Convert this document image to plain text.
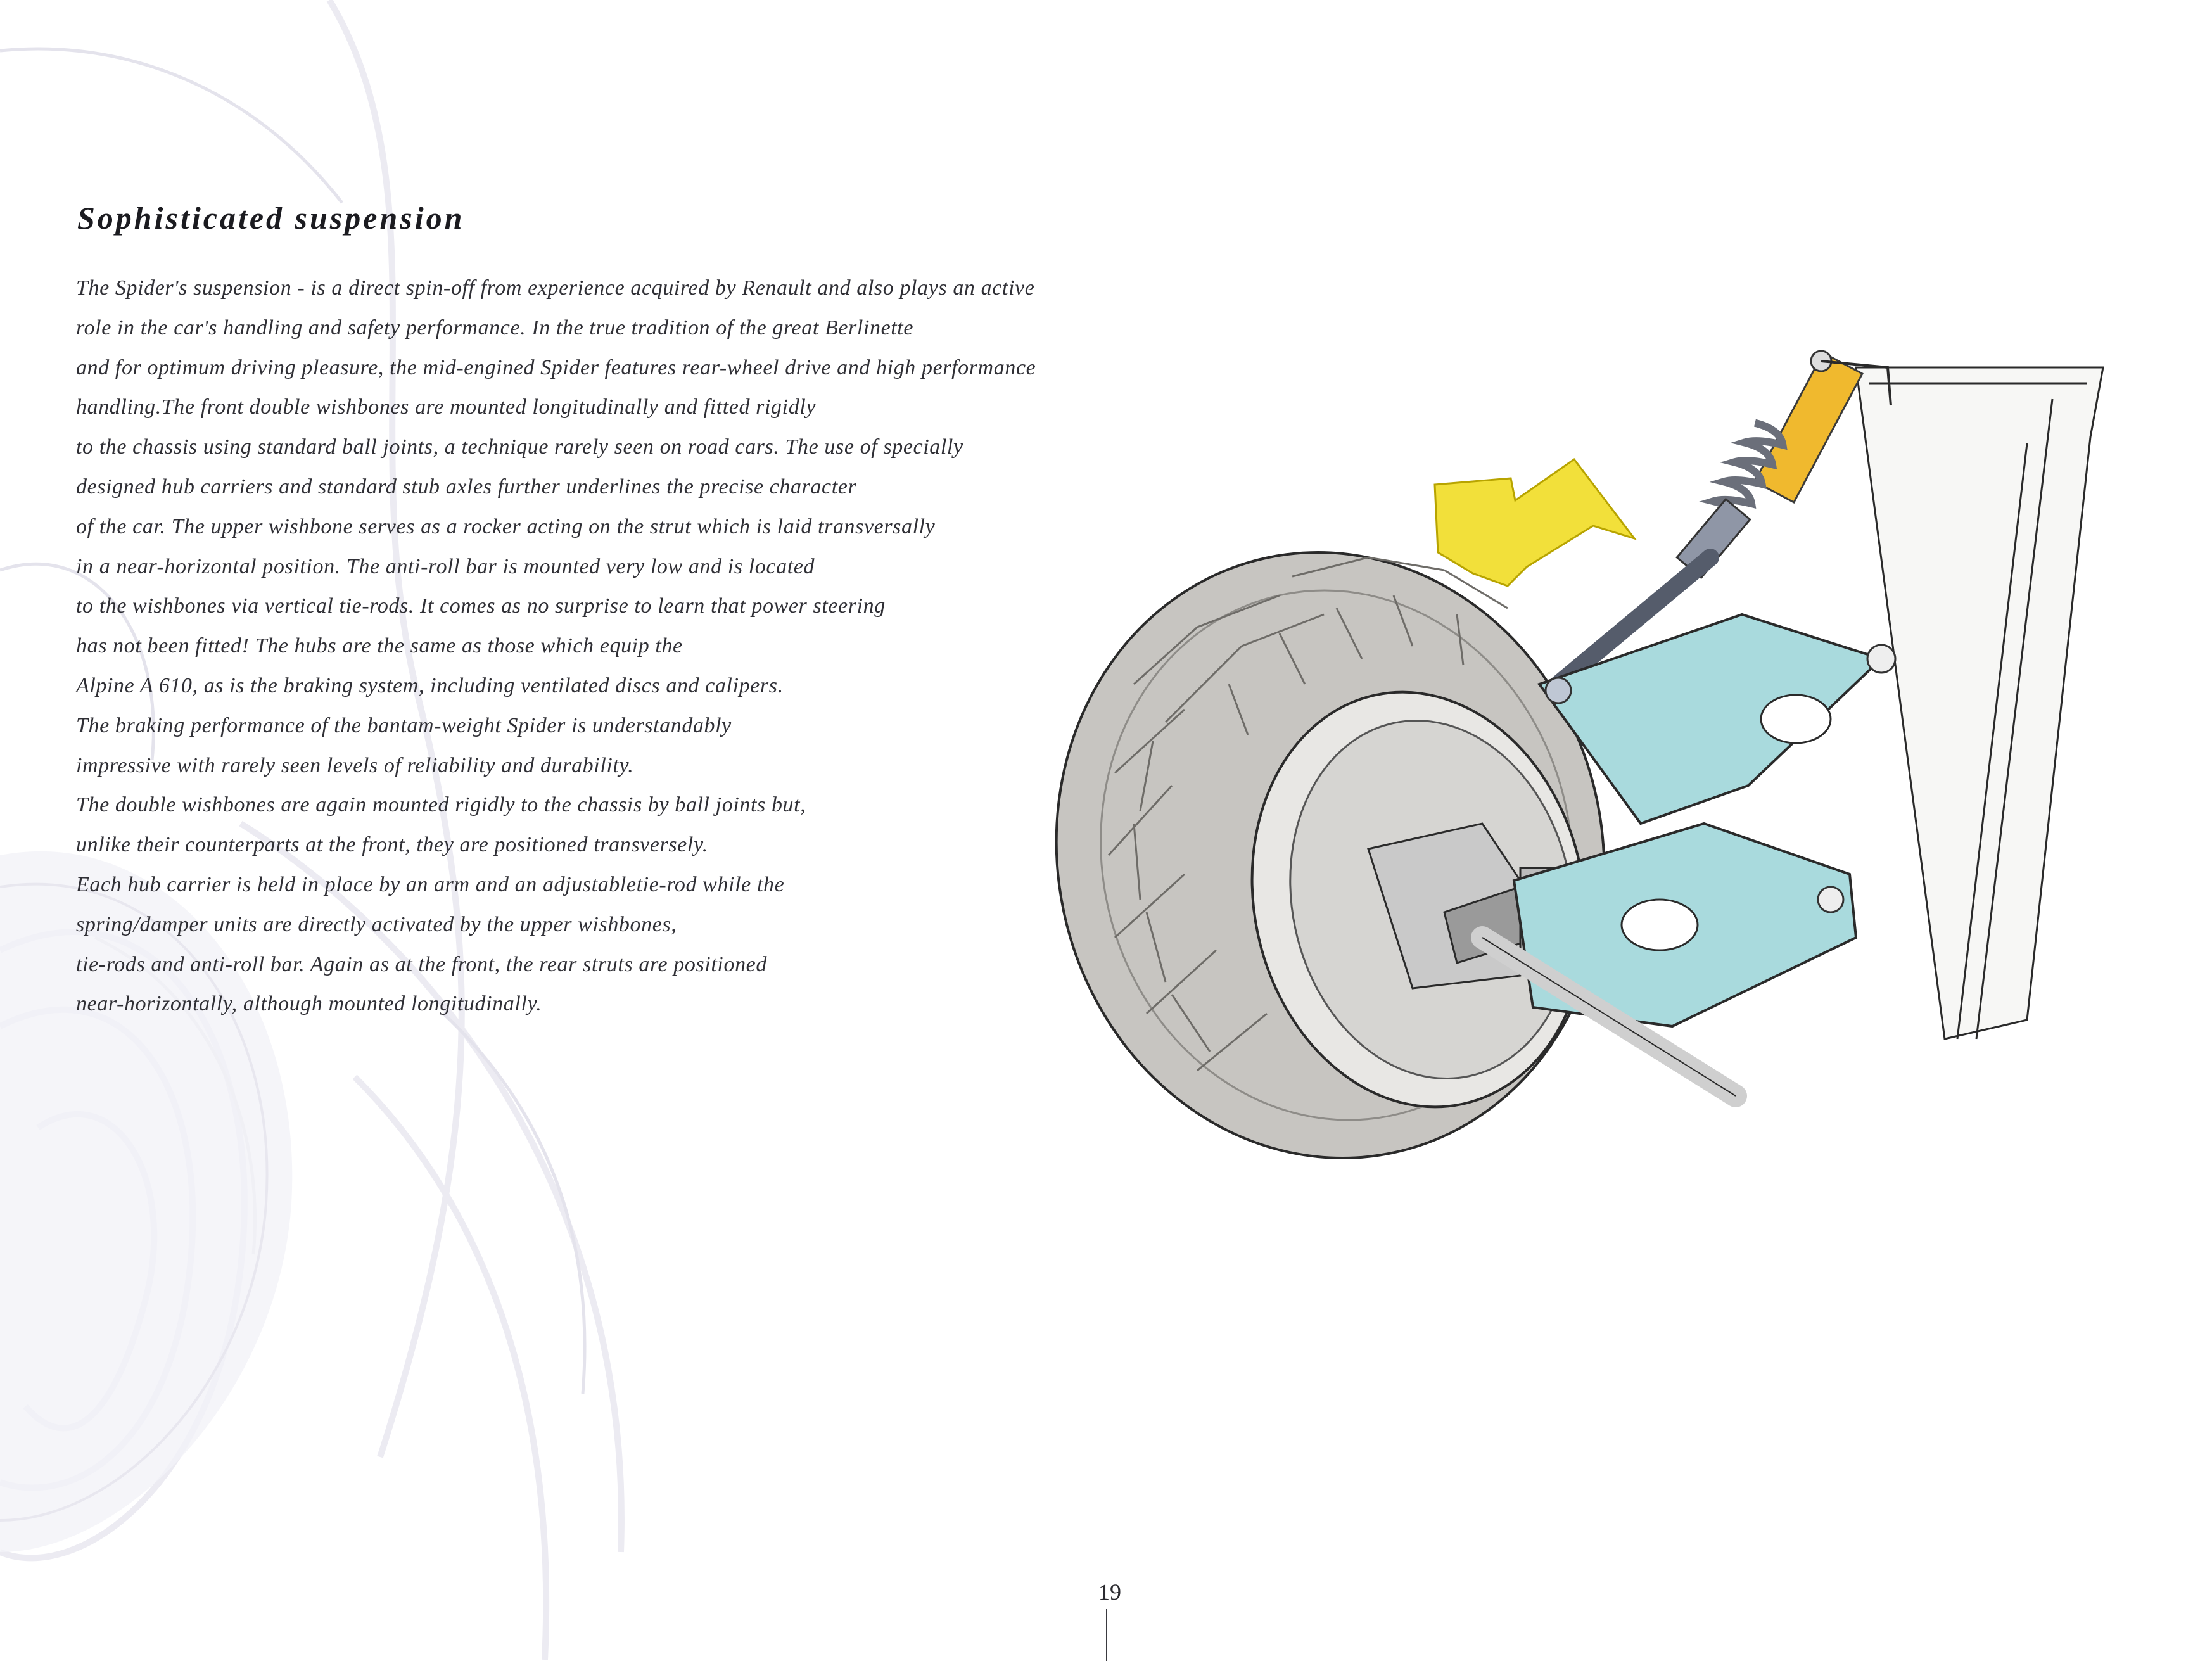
Sophisticated suspension
The Spider's suspension - is a direct spin-off from experience acquired by Renault and also plays an active
role in the car's handling and safety performance. In the true tradition of the great Berlinette
and for optimum driving pleasure, the mid-engined Spider features rear-wheel drive and high performance
handling.The front double wishbones are mounted longitudinally and fitted rigidly
to the chassis using standard ball joints, a technique rarely seen on road cars. The use of specially
designed hub carriers and standard stub axles further underlines the precise character
of the car. The upper wishbone serves as a rocker acting on the strut which is laid transversally
in a near-horizontal position. The anti-roll bar is mounted very low and is located
to the wishbones via vertical tie-rods. It comes as no surprise to learn that power steering
has not been fitted! The hubs are the same as those which equip the
Alpine A 610, as is the braking system, including ventilated discs and calipers.
The braking performance of the bantam-weight Spider is understandably
impressive with rarely seen levels of reliability and durability.
The double wishbones are again mounted rigidly to the chassis by ball joints but,
unlike their counterparts at the front, they are positioned transversely.
Each hub carrier is held in place by an arm and an adjustabletie-rod while the
spring/damper units are directly activated by the upper wishbones,
tie-rods and anti-roll bar. Again as at the front, the rear struts are positioned
near-horizontally, although mounted longitudinally.
19
